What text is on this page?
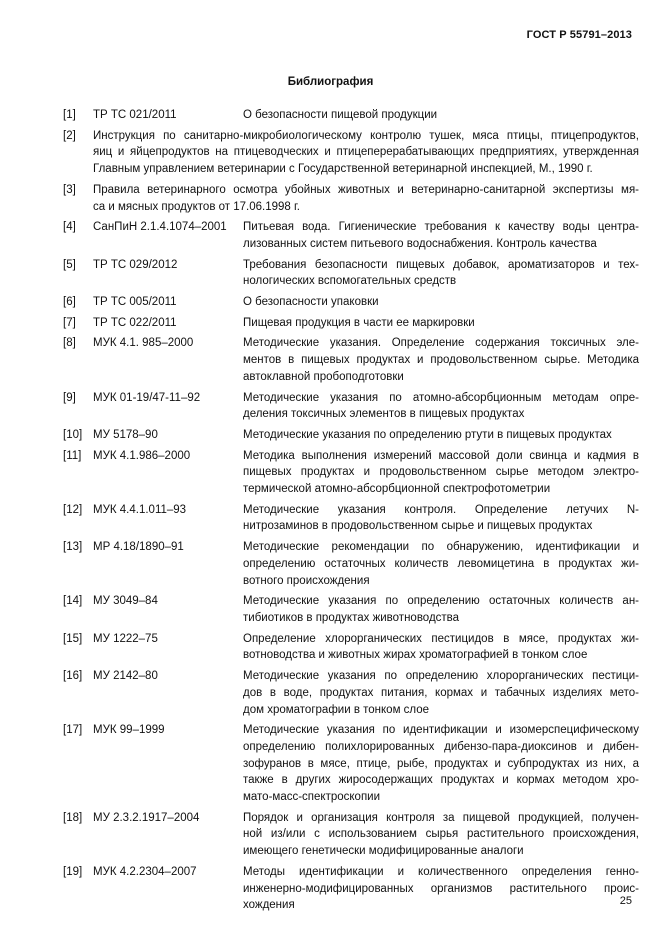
ГОСТ Р 55791–2013
Библиография
[1]	ТР ТС 021/2011	О безопасности пищевой продукции
[2]	Инструкция по санитарно-микробиологическому контролю тушек, мяса птицы, птицепродуктов,
яиц и яйцепродуктов на птицеводческих и птицеперерабатывающих предприятиях, утвержденная
Главным управлением ветеринарии с Государственной ветеринарной инспекцией, М., 1990 г.
[3]	Правила ветеринарного осмотра убойных животных и ветеринарно-санитарной экспертизы мя-
са и мясных продуктов от 17.06.1998 г.
[4]	СанПиН 2.1.4.1074–2001	Питьевая вода. Гигиенические требования к качеству воды центра-
лизованных систем питьевого водоснабжения. Контроль качества
[5]	ТР ТС 029/2012	Требования безопасности пищевых добавок, ароматизаторов и тех-
нологических вспомогательных средств
[6]	ТР ТС 005/2011	О безопасности упаковки
[7]	ТР ТС 022/2011	Пищевая продукция в части ее маркировки
[8]	МУК 4.1. 985–2000	Методические указания. Определение содержания токсичных эле-
ментов в пищевых продуктах и продовольственном сырье. Методика
автоклавной пробоподготовки
[9]	МУК 01-19/47-11–92	Методические указания по атомно-абсорбционным методам опре-
деления токсичных элементов в пищевых продуктах
[10] МУ 5178–90	Методические указания по определению ртути в пищевых продуктах
[11]	МУК 4.1.986–2000	Методика выполнения измерений массовой доли свинца и кадмия в
пищевых продуктах и продовольственном сырье методом электро-
термической атомно-абсорбционной спектрофотометрии
[12] МУК 4.4.1.011–93	Методические указания контроля. Определение летучих N-
нитрозаминов в продовольственном сырье и пищевых продуктах
[13] МР 4.18/1890–91	Методические рекомендации по обнаружению, идентификации и
определению остаточных количеств левомицетина в продуктах жи-
вотного происхождения
[14] МУ 3049–84	Методические указания по определению остаточных количеств ан-
тибиотиков в продуктах животноводства
[15] МУ 1222–75	Определение хлорорганических пестицидов в мясе, продуктах жи-
вотноводства и животных жирах хроматографией в тонком слое
[16] МУ 2142–80	Методические указания по определению хлорорганических пестици-
дов в воде, продуктах питания, кормах и табачных изделиях мето-
дом хроматографии в тонком слое
[17] МУК 99–1999	Методические указания по идентификации и изомерспецифическому
определению полихлорированных дибензо-пара-диоксинов и дибен-
зофуранов в мясе, птице, рыбе, продуктах и субпродуктах из них, а
также в других жиросодержащих продуктах и кормах методом хро-
мато-масс-спектроскопии
[18] МУ 2.3.2.1917–2004	Порядок и организация контроля за пищевой продукцией, получен-
ной из/или с использованием сырья растительного происхождения,
имеющего генетически модифицированные аналоги
[19] МУК 4.2.2304–2007	Методы идентификации и количественного определения генно-
инженерно-модифицированных организмов растительного проис-
хождения	25
